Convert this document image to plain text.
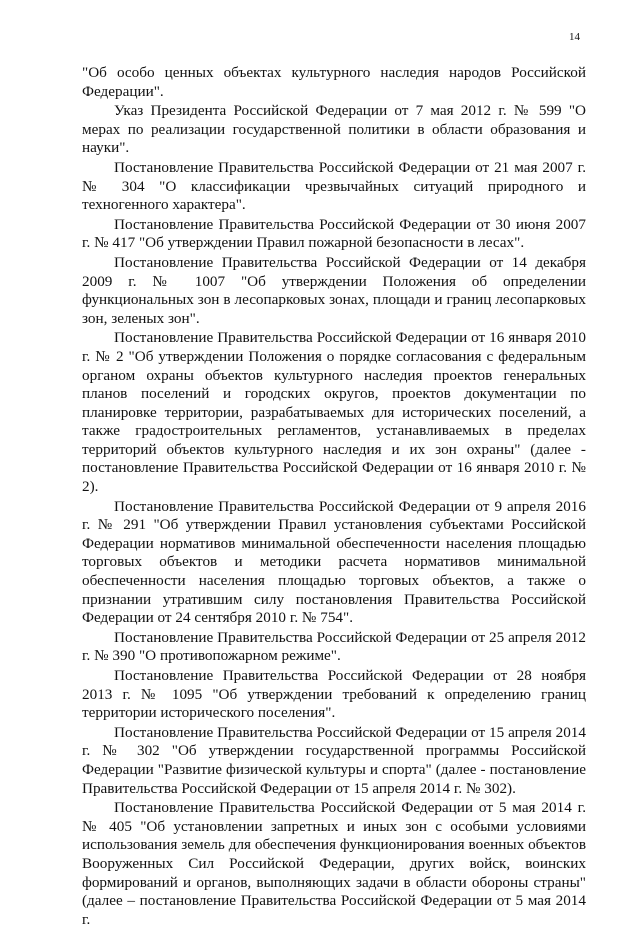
14

"Об особо ценных объектах культурного наследия народов Российской Федерации".

Указ Президента Российской Федерации от 7 мая 2012 г. № 599 "О мерах по реализации государственной политики в области образования и науки".

Постановление Правительства Российской Федерации от 21 мая 2007 г. № 304 "О классификации чрезвычайных ситуаций природного и техногенного характера".

Постановление Правительства Российской Федерации от 30 июня 2007 г. № 417 "Об утверждении Правил пожарной безопасности в лесах".

Постановление Правительства Российской Федерации от 14 декабря 2009 г. № 1007 "Об утверждении Положения об определении функциональных зон в лесопарковых зонах, площади и границ лесопарковых зон, зеленых зон".

Постановление Правительства Российской Федерации от 16 января 2010 г. № 2 "Об утверждении Положения о порядке согласования с федеральным органом охраны объектов культурного наследия проектов генеральных планов поселений и городских округов, проектов документации по планировке территории, разрабатываемых для исторических поселений, а также градостроительных регламентов, устанавливаемых в пределах территорий объектов культурного наследия и их зон охраны" (далее - постановление Правительства Российской Федерации от 16 января 2010 г. № 2).

Постановление Правительства Российской Федерации от 9 апреля 2016 г. № 291 "Об утверждении Правил установления субъектами Российской Федерации нормативов минимальной обеспеченности населения площадью торговых объектов и методики расчета нормативов минимальной обеспеченности населения площадью торговых объектов, а также о признании утратившим силу постановления Правительства Российской Федерации от 24 сентября 2010 г. № 754".

Постановление Правительства Российской Федерации от 25 апреля 2012 г. № 390 "О противопожарном режиме".

Постановление Правительства Российской Федерации от 28 ноября 2013 г. № 1095 "Об утверждении требований к определению границ территории исторического поселения".

Постановление Правительства Российской Федерации от 15 апреля 2014 г. № 302 "Об утверждении государственной программы Российской Федерации "Развитие физической культуры и спорта" (далее - постановление Правительства Российской Федерации от 15 апреля 2014 г. № 302).

Постановление Правительства Российской Федерации от 5 мая 2014 г. № 405 "Об установлении запретных и иных зон с особыми условиями использования земель для обеспечения функционирования военных объектов Вооруженных Сил Российской Федерации, других войск, воинских формирований и органов, выполняющих задачи в области обороны страны" (далее – постановление Правительства Российской Федерации от 5 мая 2014 г.
